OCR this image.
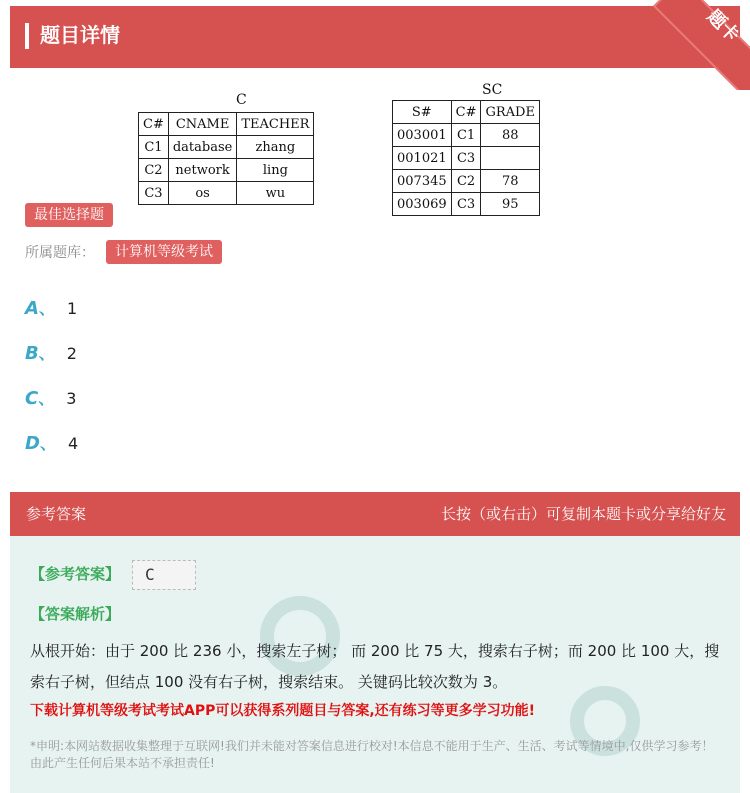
题目详情	题卡
C
C#	CNAME	TEACHER
C1	database	zhang
C2	network	ling
C3	os	wu
SC
S#	C#	GRADE
003001	C1	88
001021	C3	
007345	C2	78
003069	C3	95
最佳选择题
所属题库：	计算机等级考试
A、 1
B、 2
C、 3
D、 4
参考答案	长按（或右击）可复制本题卡或分享给好友
【参考答案】	C
【答案解析】
从根开始：由于 200 比 236 小，搜索左子树； 而 200 比 75 大，搜索右子树；而 200 比 100 大，搜索右子树，但结点 100 没有右子树，搜索结束。 关键码比较次数为 3。
下载计算机等级考试考试APP可以获得系列题目与答案,还有练习等更多学习功能!
*申明:本网站数据收集整理于互联网!我们并未能对答案信息进行校对!本信息不能用于生产、生活、考试等情境中,仅供学习参考！由此产生任何后果本站不承担责任!
